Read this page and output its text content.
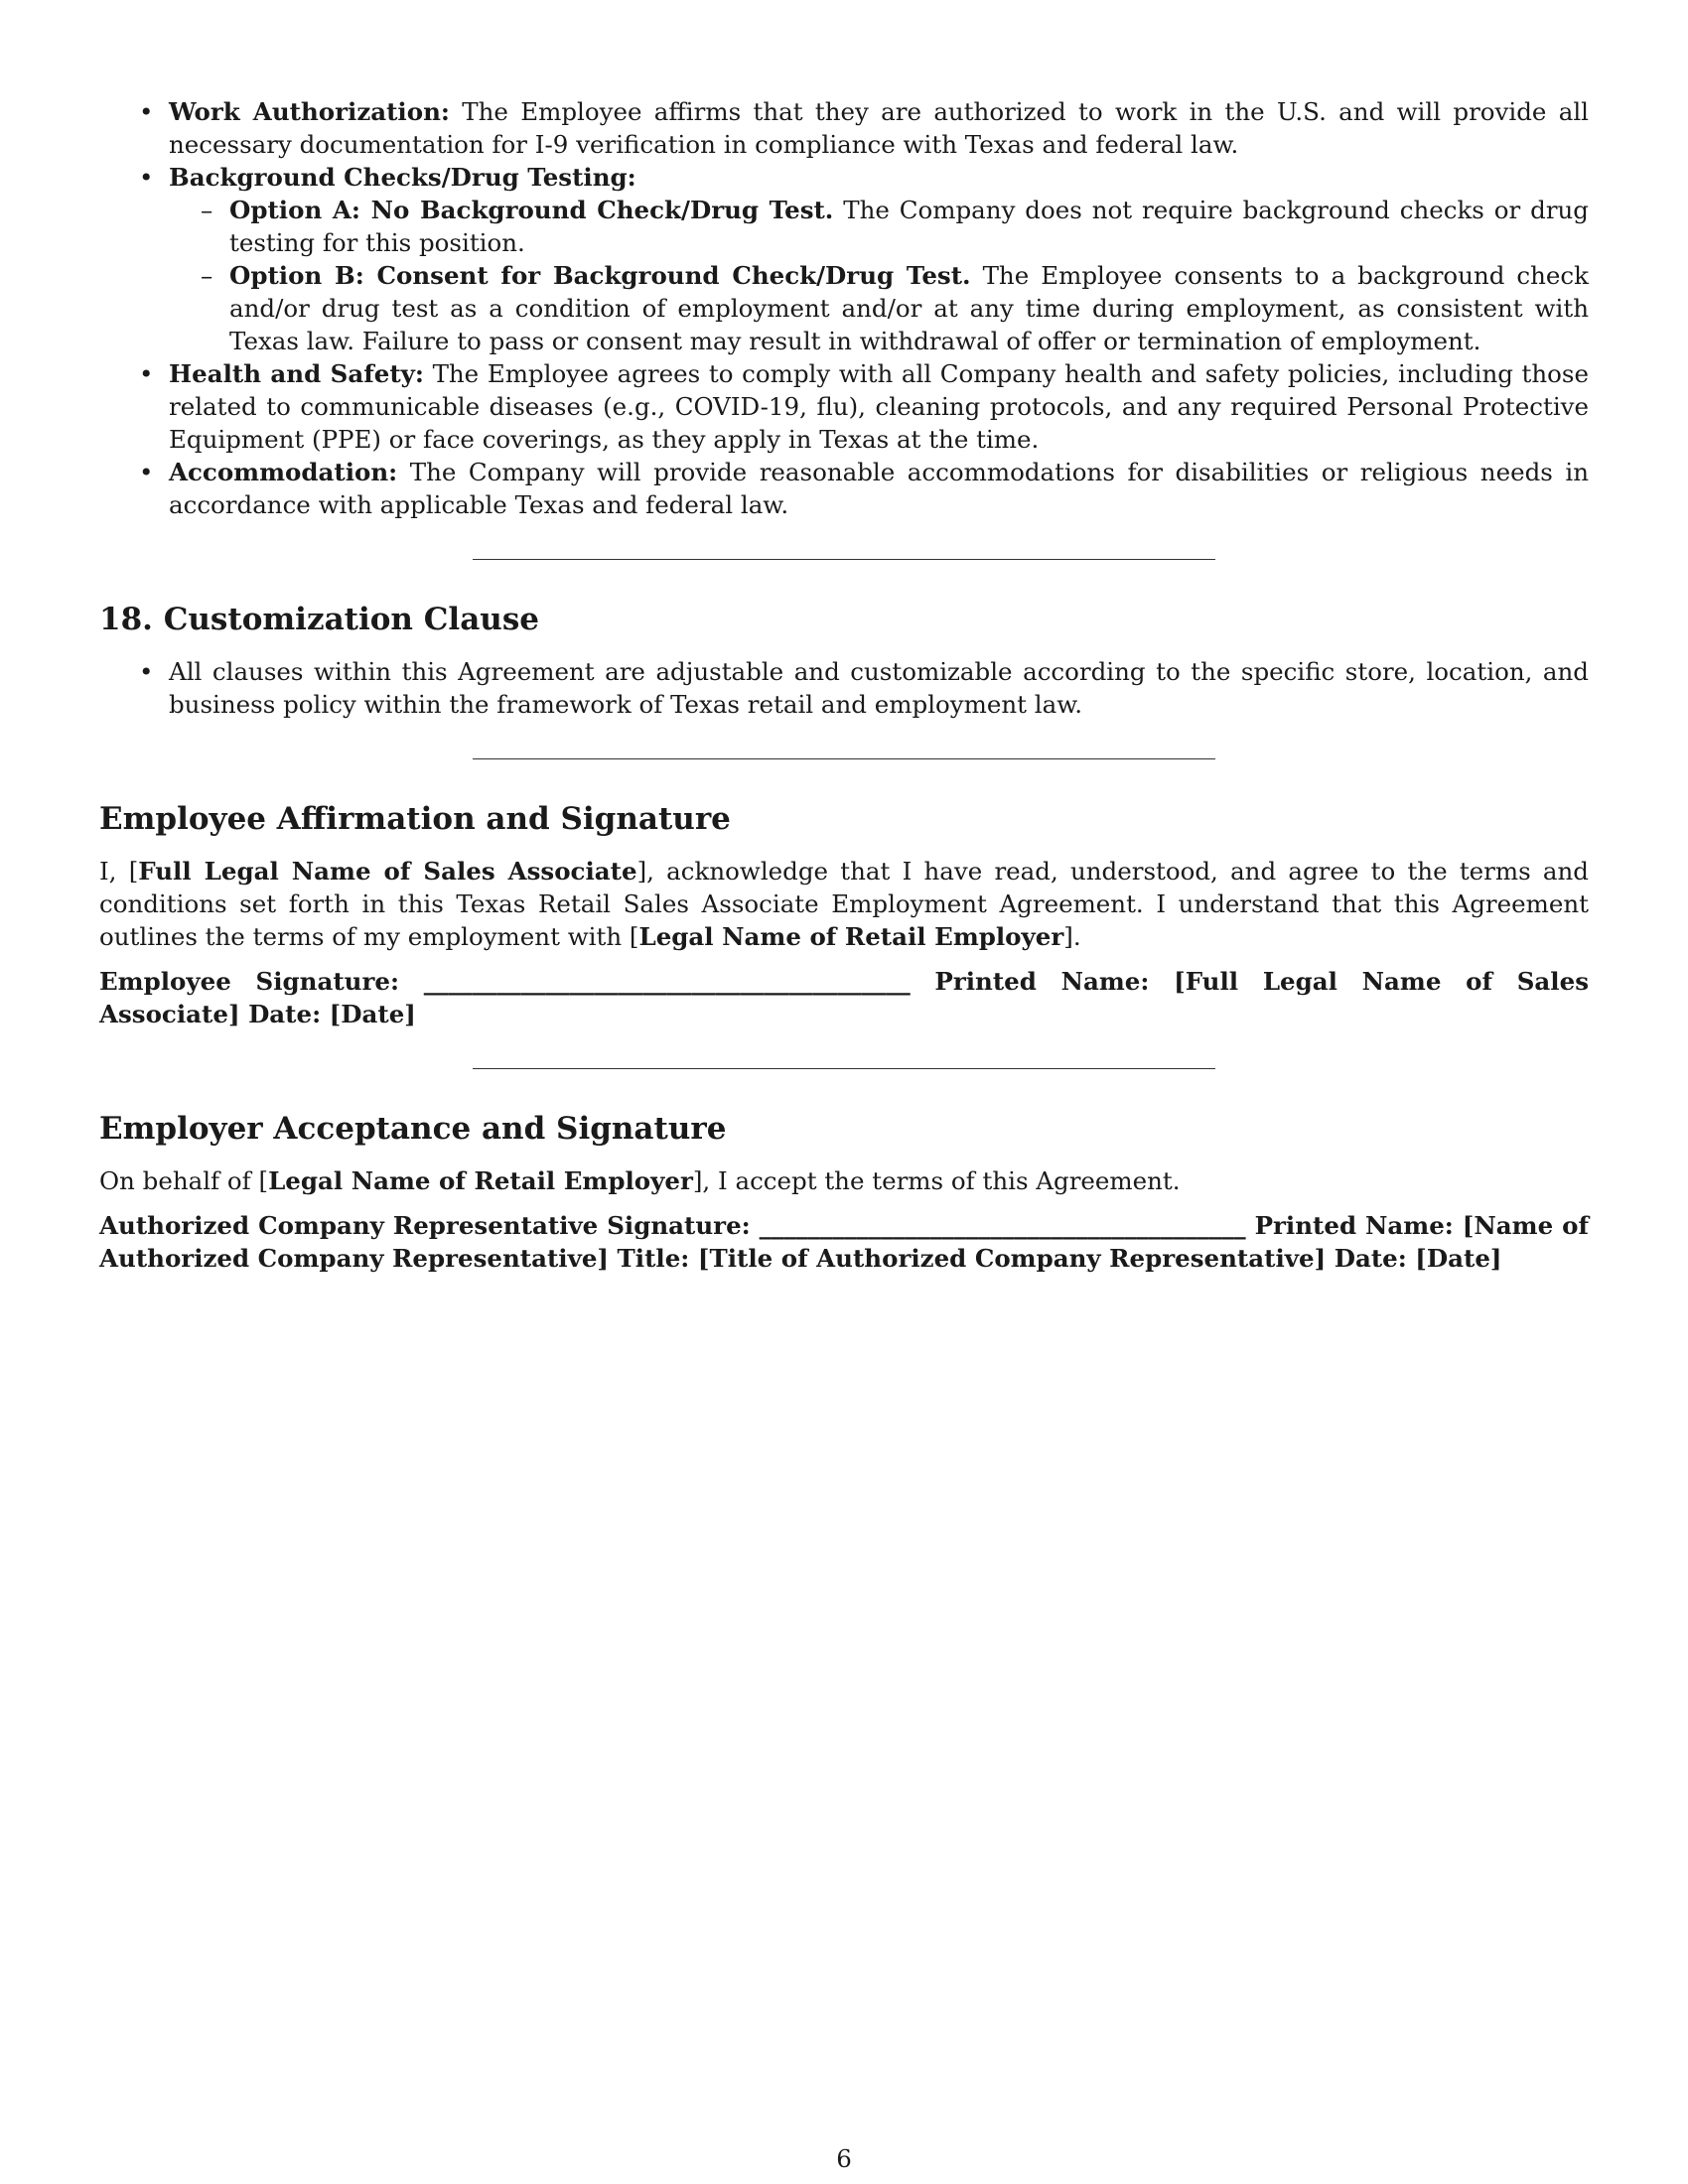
• Work Authorization: The Employee affirms that they are authorized to work in the U.S. and will provide all necessary documentation for I-9 verification in compliance with Texas and federal law.
• Background Checks/Drug Testing:
– Option A: No Background Check/Drug Test. The Company does not require background checks or drug testing for this position.
– Option B: Consent for Background Check/Drug Test. The Employee consents to a background check and/or drug test as a condition of employment and/or at any time during employment, as consistent with Texas law. Failure to pass or consent may result in withdrawal of offer or termination of employment.
• Health and Safety: The Employee agrees to comply with all Company health and safety policies, including those related to communicable diseases (e.g., COVID-19, flu), cleaning protocols, and any required Personal Protective Equipment (PPE) or face coverings, as they apply in Texas at the time.
• Accommodation: The Company will provide reasonable accommodations for disabilities or religious needs in accordance with applicable Texas and federal law.
18. Customization Clause
• All clauses within this Agreement are adjustable and customizable according to the specific store, location, and business policy within the framework of Texas retail and employment law.
Employee Affirmation and Signature

I, [Full Legal Name of Sales Associate], acknowledge that I have read, understood, and agree to the terms and conditions set forth in this Texas Retail Sales Associate Employment Agreement. I understand that this Agreement outlines the terms of my employment with [Legal Name of Retail Employer].

Employee Signature: ________________________________________ Printed Name: [Full Legal Name of Sales Associate] Date: [Date]
Employer Acceptance and Signature

On behalf of [Legal Name of Retail Employer], I accept the terms of this Agreement.

Authorized Company Representative Signature: ________________________________________ Printed Name: [Name of Authorized Company Representative] Title: [Title of Authorized Company Representative] Date: [Date]
6
